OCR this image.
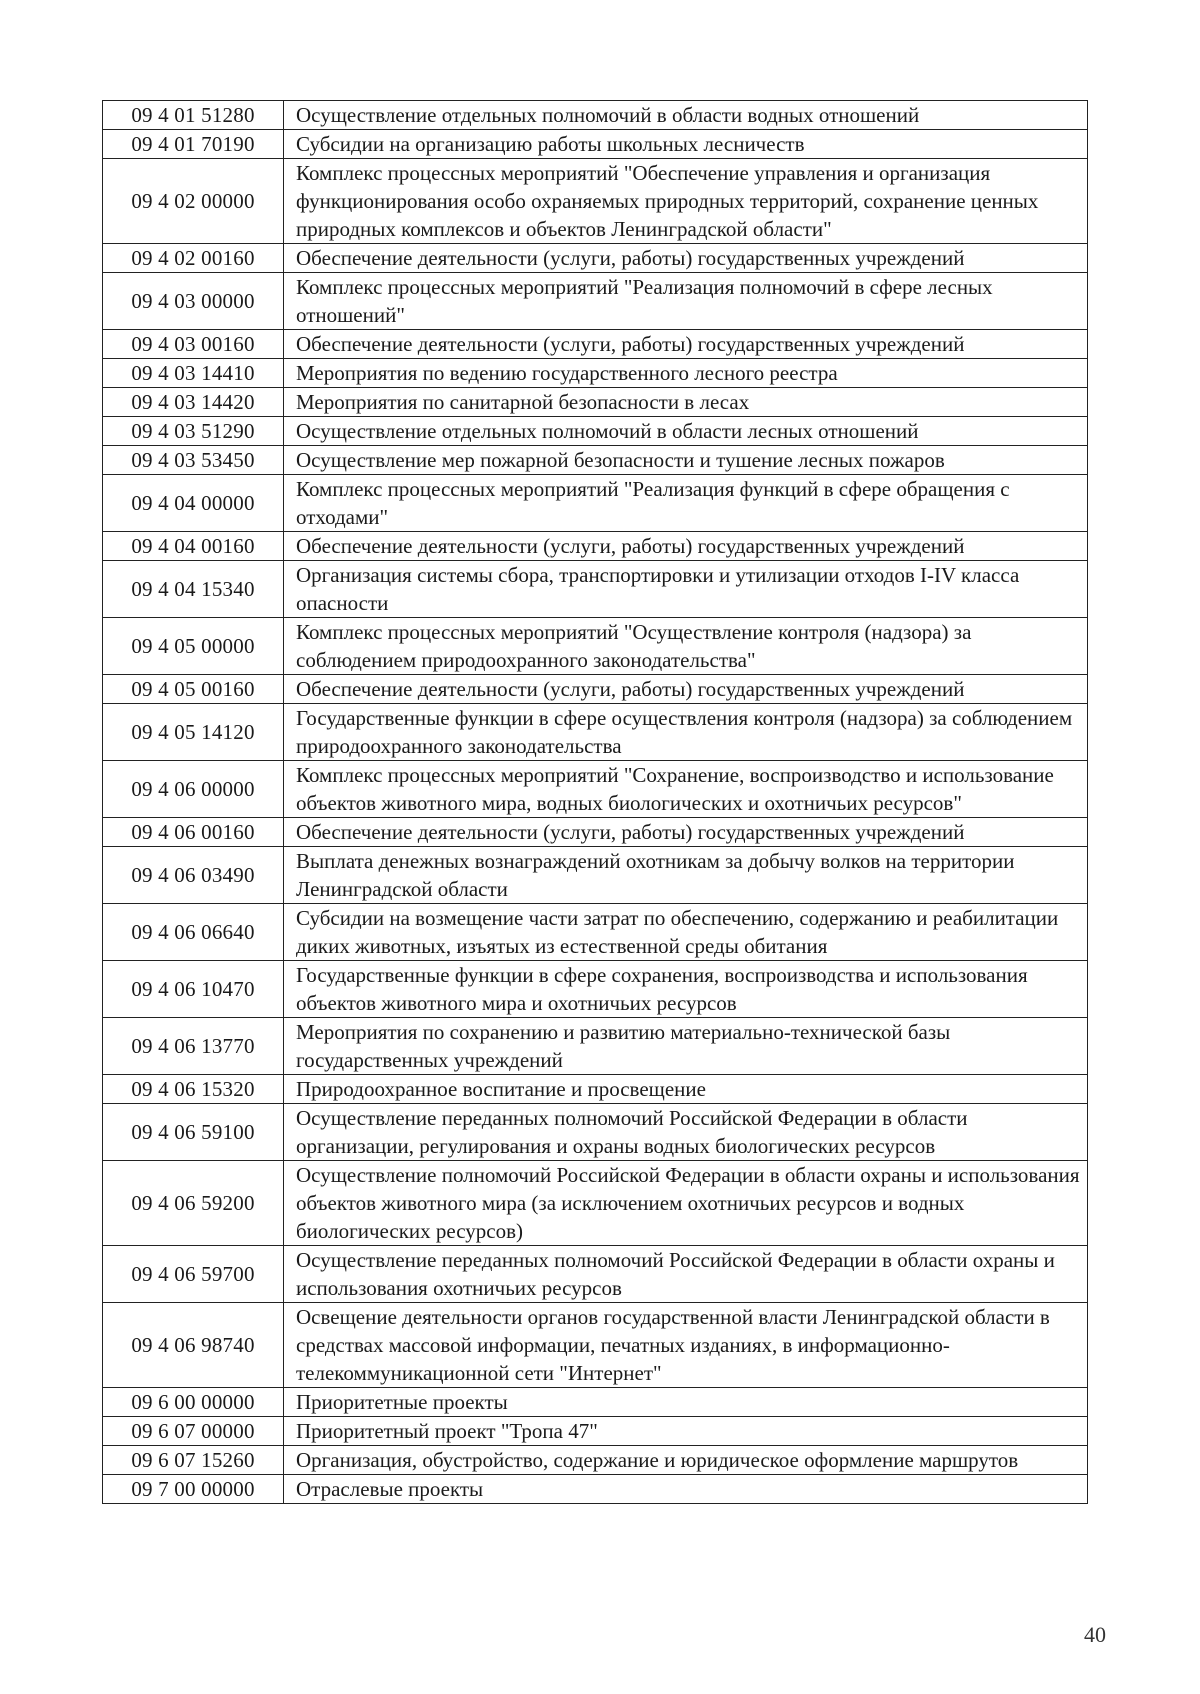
09 4 01 51280	Осуществление отдельных полномочий в области водных отношений
09 4 01 70190	Субсидии на организацию работы школьных лесничеств
09 4 02 00000	Комплекс процессных мероприятий "Обеспечение управления и организация функционирования особо охраняемых природных территорий, сохранение ценных природных комплексов и объектов Ленинградской области"
09 4 02 00160	Обеспечение деятельности (услуги, работы) государственных учреждений
09 4 03 00000	Комплекс процессных мероприятий "Реализация полномочий в сфере лесных отношений"
09 4 03 00160	Обеспечение деятельности (услуги, работы) государственных учреждений
09 4 03 14410	Мероприятия по ведению государственного лесного реестра
09 4 03 14420	Мероприятия по санитарной безопасности в лесах
09 4 03 51290	Осуществление отдельных полномочий в области лесных отношений
09 4 03 53450	Осуществление мер пожарной безопасности и тушение лесных пожаров
09 4 04 00000	Комплекс процессных мероприятий "Реализация функций в сфере обращения с отходами"
09 4 04 00160	Обеспечение деятельности (услуги, работы) государственных учреждений
09 4 04 15340	Организация системы сбора, транспортировки и утилизации отходов I-IV класса опасности
09 4 05 00000	Комплекс процессных мероприятий "Осуществление контроля (надзора) за соблюдением природоохранного законодательства"
09 4 05 00160	Обеспечение деятельности (услуги, работы) государственных учреждений
09 4 05 14120	Государственные функции в сфере осуществления контроля (надзора) за соблюдением природоохранного законодательства
09 4 06 00000	Комплекс процессных мероприятий "Сохранение, воспроизводство и использование объектов животного мира, водных биологических и охотничьих ресурсов"
09 4 06 00160	Обеспечение деятельности (услуги, работы) государственных учреждений
09 4 06 03490	Выплата денежных вознаграждений охотникам за добычу волков на территории Ленинградской области
09 4 06 06640	Субсидии на возмещение части затрат по обеспечению, содержанию и реабилитации диких животных, изъятых из естественной среды обитания
09 4 06 10470	Государственные функции в сфере сохранения, воспроизводства и использования объектов животного мира и охотничьих ресурсов
09 4 06 13770	Мероприятия по сохранению и развитию материально-технической базы государственных учреждений
09 4 06 15320	Природоохранное воспитание и просвещение
09 4 06 59100	Осуществление переданных полномочий Российской Федерации в области организации, регулирования и охраны водных биологических ресурсов
09 4 06 59200	Осуществление полномочий Российской Федерации в области охраны и использования объектов животного мира (за исключением охотничьих ресурсов и водных биологических ресурсов)
09 4 06 59700	Осуществление переданных полномочий Российской Федерации в области охраны и использования охотничьих ресурсов
09 4 06 98740	Освещение деятельности органов государственной власти Ленинградской области в средствах массовой информации, печатных изданиях, в информационно-телекоммуникационной сети "Интернет"
09 6 00 00000	Приоритетные проекты
09 6 07 00000	Приоритетный проект "Тропа 47"
09 6 07 15260	Организация, обустройство, содержание и юридическое оформление маршрутов
09 7 00 00000	Отраслевые проекты
40
